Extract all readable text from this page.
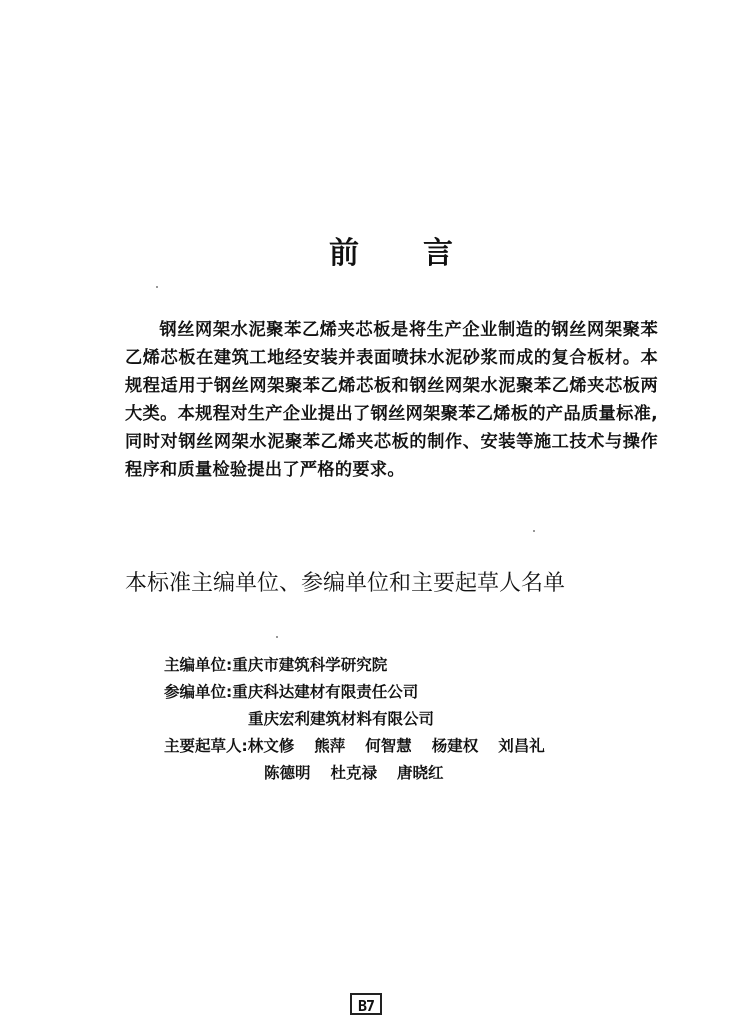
前 言
钢丝网架水泥聚苯乙烯夹芯板是将生产企业制造的钢丝网架聚苯乙烯芯板在建筑工地经安装并表面喷抹水泥砂浆而成的复合板材。本规程适用于钢丝网架聚苯乙烯芯板和钢丝网架水泥聚苯乙烯夹芯板两大类。本规程对生产企业提出了钢丝网架聚苯乙烯板的产品质量标准,同时对钢丝网架水泥聚苯乙烯夹芯板的制作、安装等施工技术与操作程序和质量检验提出了严格的要求。
本标准主编单位、参编单位和主要起草人名单
主编单位:重庆市建筑科学研究院
参编单位:重庆科达建材有限责任公司
重庆宏利建筑材料有限公司
主要起草人:林文修 熊萍 何智慧 杨建权 刘昌礼
陈德明 杜克禄 唐晓红
B7
